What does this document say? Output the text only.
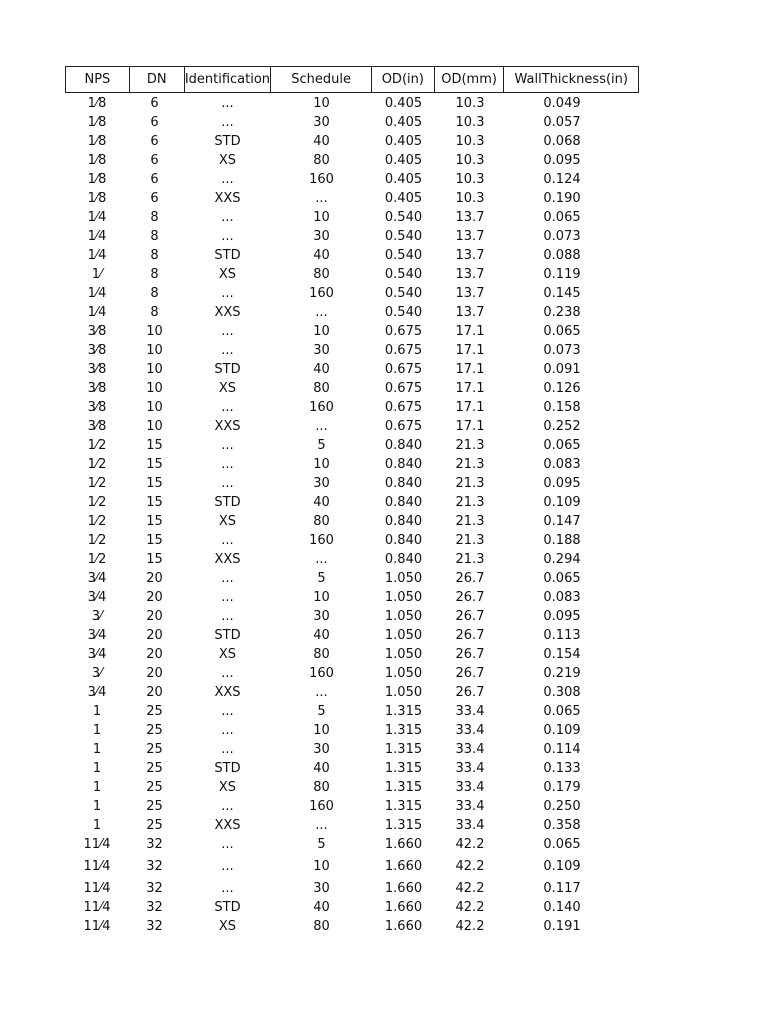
NPS	DN	Identification	Schedule	OD(in)	OD(mm)	WallThickness(in)
1⁄8	6	...	10	0.405	10.3	0.049
1⁄8	6	...	30	0.405	10.3	0.057
1⁄8	6	STD	40	0.405	10.3	0.068
1⁄8	6	XS	80	0.405	10.3	0.095
1⁄8	6	...	160	0.405	10.3	0.124
1⁄8	6	XXS	...	0.405	10.3	0.190
1⁄4	8	...	10	0.540	13.7	0.065
1⁄4	8	...	30	0.540	13.7	0.073
1⁄4	8	STD	40	0.540	13.7	0.088
1⁄	8	XS	80	0.540	13.7	0.119
1⁄4	8	...	160	0.540	13.7	0.145
1⁄4	8	XXS	...	0.540	13.7	0.238
3⁄8	10	...	10	0.675	17.1	0.065
3⁄8	10	...	30	0.675	17.1	0.073
3⁄8	10	STD	40	0.675	17.1	0.091
3⁄8	10	XS	80	0.675	17.1	0.126
3⁄8	10	...	160	0.675	17.1	0.158
3⁄8	10	XXS	...	0.675	17.1	0.252
1⁄2	15	...	5	0.840	21.3	0.065
1⁄2	15	...	10	0.840	21.3	0.083
1⁄2	15	...	30	0.840	21.3	0.095
1⁄2	15	STD	40	0.840	21.3	0.109
1⁄2	15	XS	80	0.840	21.3	0.147
1⁄2	15	...	160	0.840	21.3	0.188
1⁄2	15	XXS	...	0.840	21.3	0.294
3⁄4	20	...	5	1.050	26.7	0.065
3⁄4	20	...	10	1.050	26.7	0.083
3⁄	20	...	30	1.050	26.7	0.095
3⁄4	20	STD	40	1.050	26.7	0.113
3⁄4	20	XS	80	1.050	26.7	0.154
3⁄	20	...	160	1.050	26.7	0.219
3⁄4	20	XXS	...	1.050	26.7	0.308
1	25	...	5	1.315	33.4	0.065
1	25	...	10	1.315	33.4	0.109
1	25	...	30	1.315	33.4	0.114
1	25	STD	40	1.315	33.4	0.133
1	25	XS	80	1.315	33.4	0.179
1	25	...	160	1.315	33.4	0.250
1	25	XXS	...	1.315	33.4	0.358
11⁄4	32	...	5	1.660	42.2	0.065
11⁄4	32	...	10	1.660	42.2	0.109
11⁄4	32	...	30	1.660	42.2	0.117
11⁄4	32	STD	40	1.660	42.2	0.140
11⁄4	32	XS	80	1.660	42.2	0.191
